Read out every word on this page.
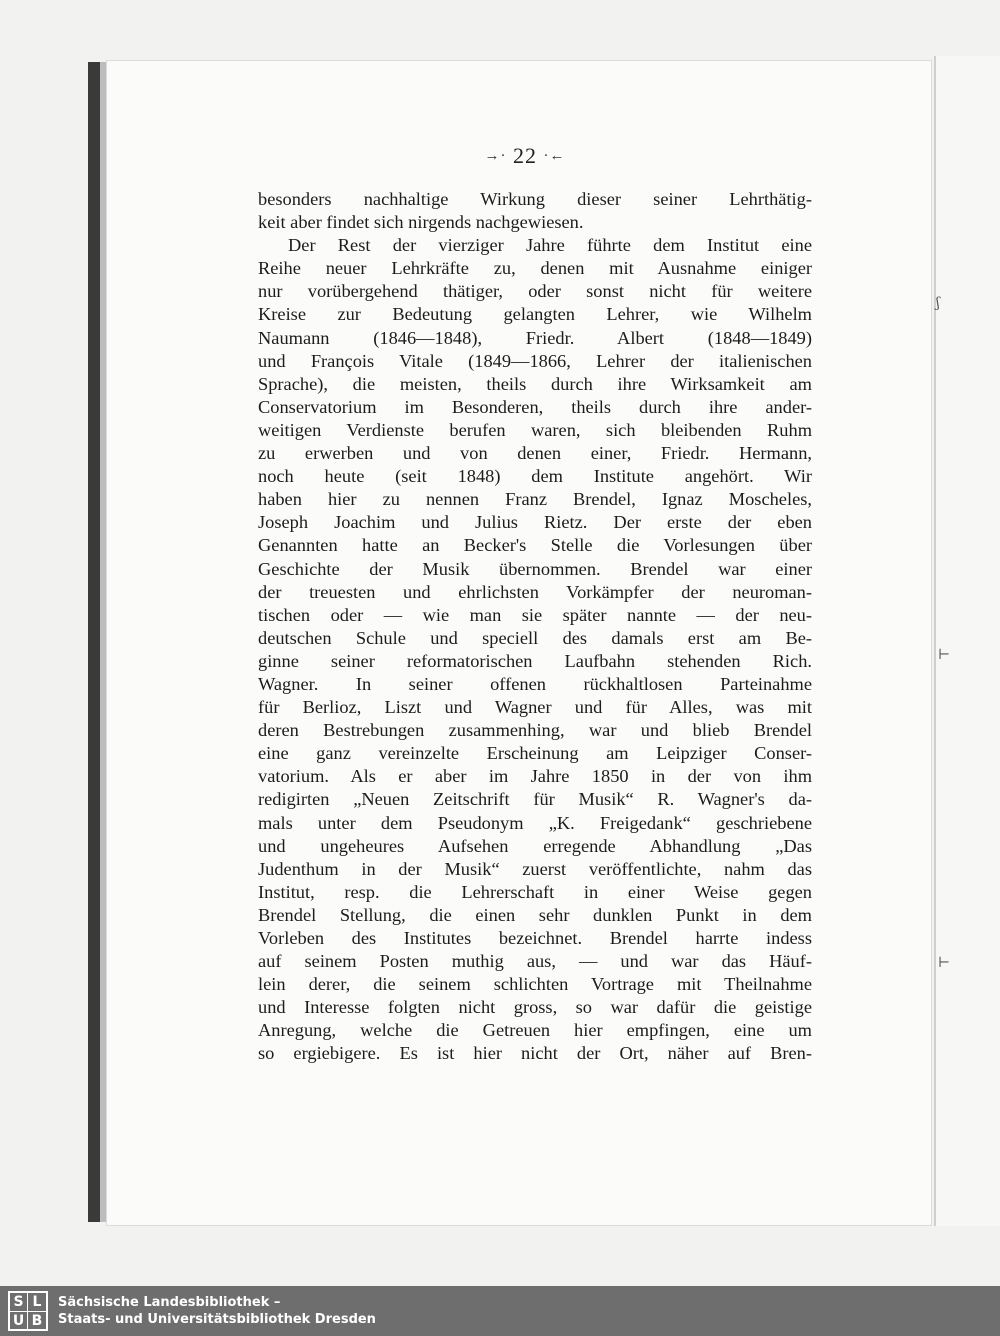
ʃ
⊢
⊢
→· 22 ·←
besonders nachhaltige Wirkung dieser seiner Lehrthätig-
keit aber findet sich nirgends nachgewiesen.
Der Rest der vierziger Jahre führte dem Institut eine
Reihe neuer Lehrkräfte zu, denen mit Ausnahme einiger
nur vorübergehend thätiger, oder sonst nicht für weitere
Kreise zur Bedeutung gelangten Lehrer, wie Wilhelm
Naumann (1846—1848), Friedr. Albert (1848—1849)
und François Vitale (1849—1866, Lehrer der italienischen
Sprache), die meisten, theils durch ihre Wirksamkeit am
Conservatorium im Besonderen, theils durch ihre ander-
weitigen Verdienste berufen waren, sich bleibenden Ruhm
zu erwerben und von denen einer, Friedr. Hermann,
noch heute (seit 1848) dem Institute angehört. Wir
haben hier zu nennen Franz Brendel, Ignaz Moscheles,
Joseph Joachim und Julius Rietz. Der erste der eben
Genannten hatte an Becker's Stelle die Vorlesungen über
Geschichte der Musik übernommen. Brendel war einer
der treuesten und ehrlichsten Vorkämpfer der neuroman-
tischen oder — wie man sie später nannte — der neu-
deutschen Schule und speciell des damals erst am Be-
ginne seiner reformatorischen Laufbahn stehenden Rich.
Wagner. In seiner offenen rückhaltlosen Parteinahme
für Berlioz, Liszt und Wagner und für Alles, was mit
deren Bestrebungen zusammenhing, war und blieb Brendel
eine ganz vereinzelte Erscheinung am Leipziger Conser-
vatorium. Als er aber im Jahre 1850 in der von ihm
redigirten „Neuen Zeitschrift für Musik“ R. Wagner's da-
mals unter dem Pseudonym „K. Freigedank“ geschriebene
und ungeheures Aufsehen erregende Abhandlung „Das
Judenthum in der Musik“ zuerst veröffentlichte, nahm das
Institut, resp. die Lehrerschaft in einer Weise gegen
Brendel Stellung, die einen sehr dunklen Punkt in dem
Vorleben des Institutes bezeichnet. Brendel harrte indess
auf seinem Posten muthig aus, — und war das Häuf-
lein derer, die seinem schlichten Vortrage mit Theilnahme
und Interesse folgten nicht gross, so war dafür die geistige
Anregung, welche die Getreuen hier empfingen, eine um
so ergiebigere. Es ist hier nicht der Ort, näher auf Bren-
S L
U B
Sächsische Landesbibliothek –
Staats- und Universitätsbibliothek Dresden
